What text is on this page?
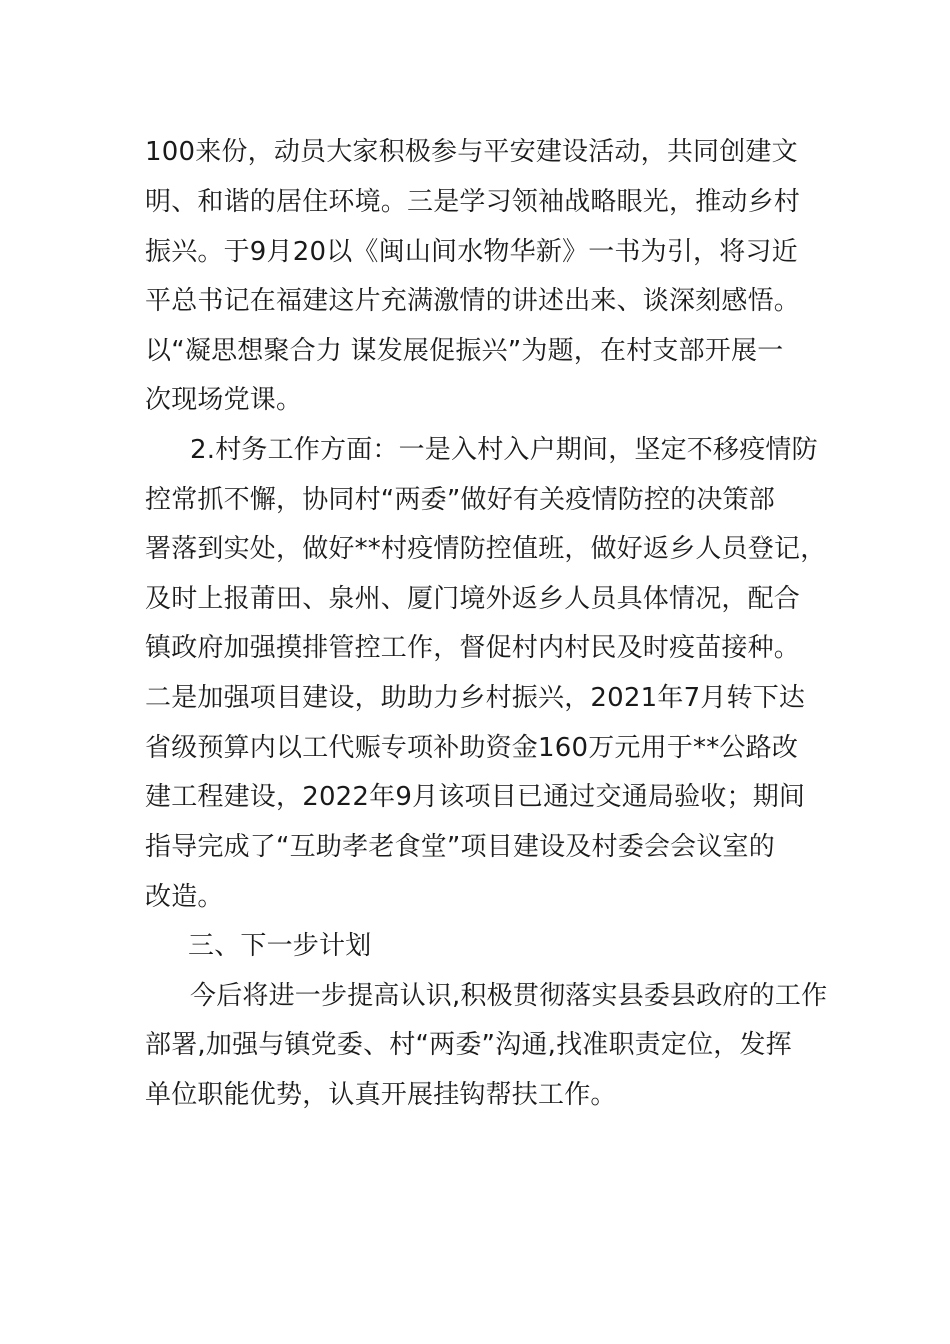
100来份，动员大家积极参与平安建设活动，共同创建文
明、和谐的居住环境。三是学习领袖战略眼光，推动乡村
振兴。于9月20以《闽山间水物华新》一书为引，将习近
平总书记在福建这片充满激情的讲述出来、谈深刻感悟。
以“凝思想聚合力 谋发展促振兴”为题，在村支部开展一
次现场党课。
2.村务工作方面：一是入村入户期间，坚定不移疫情防
控常抓不懈，协同村“两委”做好有关疫情防控的决策部
署落到实处，做好**村疫情防控值班，做好返乡人员登记，
及时上报莆田、泉州、厦门境外返乡人员具体情况，配合
镇政府加强摸排管控工作，督促村内村民及时疫苗接种。
二是加强项目建设，助助力乡村振兴，2021年7月转下达
省级预算内以工代赈专项补助资金160万元用于**公路改
建工程建设，2022年9月该项目已通过交通局验收；期间
指导完成了“互助孝老食堂”项目建设及村委会会议室的
改造。
三、下一步计划
今后将进一步提高认识,积极贯彻落实县委县政府的工作
部署,加强与镇党委、村“两委”沟通,找准职责定位，发挥
单位职能优势，认真开展挂钩帮扶工作。
